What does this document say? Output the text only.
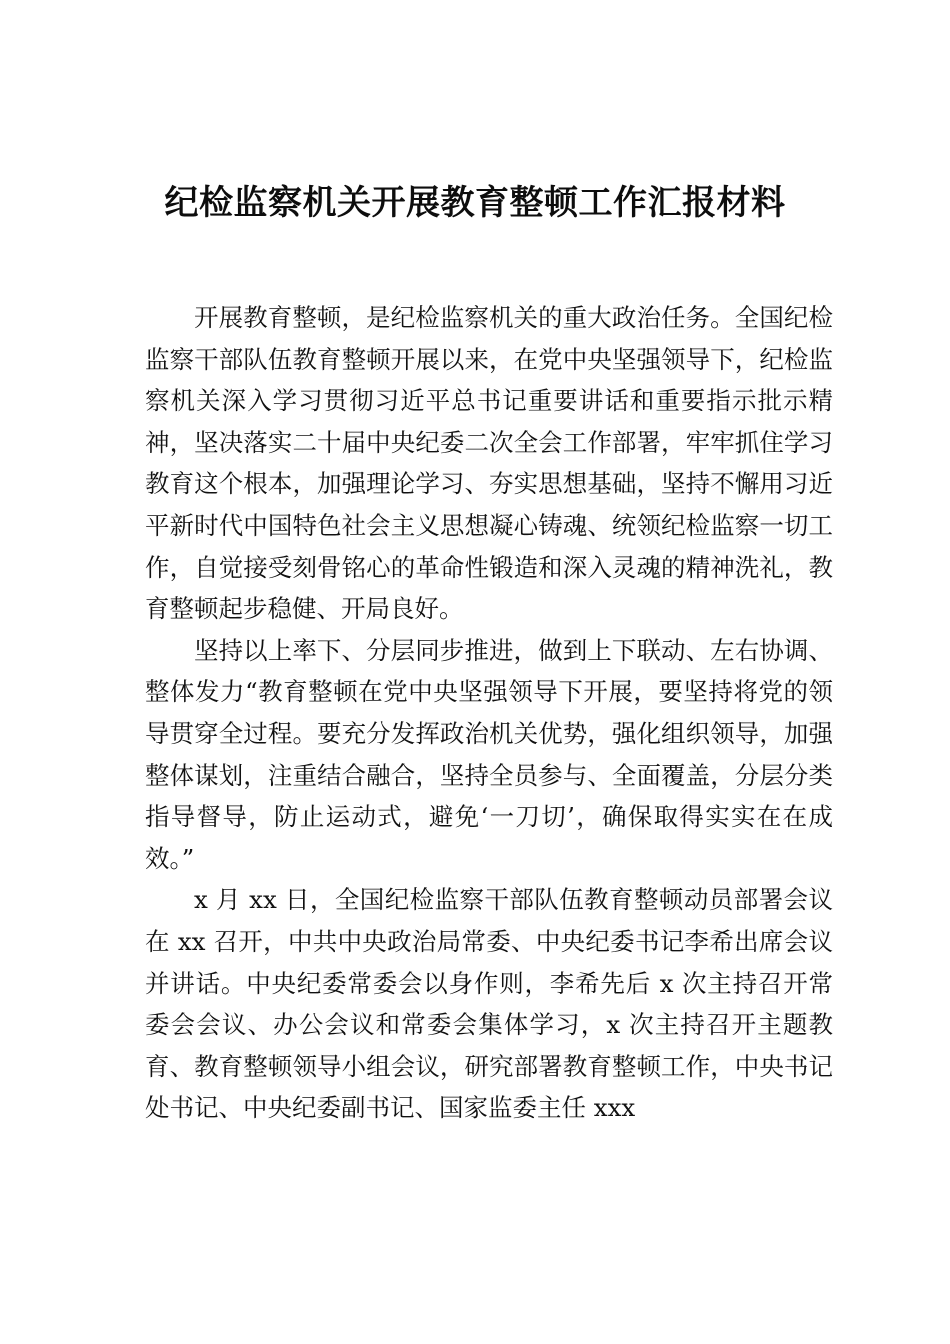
纪检监察机关开展教育整顿工作汇报材料

开展教育整顿，是纪检监察机关的重大政治任务。全国纪检监察干部队伍教育整顿开展以来，在党中央坚强领导下，纪检监察机关深入学习贯彻习近平总书记重要讲话和重要指示批示精神，坚决落实二十届中央纪委二次全会工作部署，牢牢抓住学习教育这个根本，加强理论学习、夯实思想基础，坚持不懈用习近平新时代中国特色社会主义思想凝心铸魂、统领纪检监察一切工作，自觉接受刻骨铭心的革命性锻造和深入灵魂的精神洗礼，教育整顿起步稳健、开局良好。

坚持以上率下、分层同步推进，做到上下联动、左右协调、整体发力“教育整顿在党中央坚强领导下开展，要坚持将党的领导贯穿全过程。要充分发挥政治机关优势，强化组织领导，加强整体谋划，注重结合融合，坚持全员参与、全面覆盖，分层分类指导督导，防止运动式，避免‘一刀切’，确保取得实实在在成效。”

x 月 xx 日，全国纪检监察干部队伍教育整顿动员部署会议在 xx 召开，中共中央政治局常委、中央纪委书记李希出席会议并讲话。中央纪委常委会以身作则，李希先后 x 次主持召开常委会会议、办公会议和常委会集体学习，x 次主持召开主题教育、教育整顿领导小组会议，研究部署教育整顿工作，中央书记处书记、中央纪委副书记、国家监委主任 xxx
